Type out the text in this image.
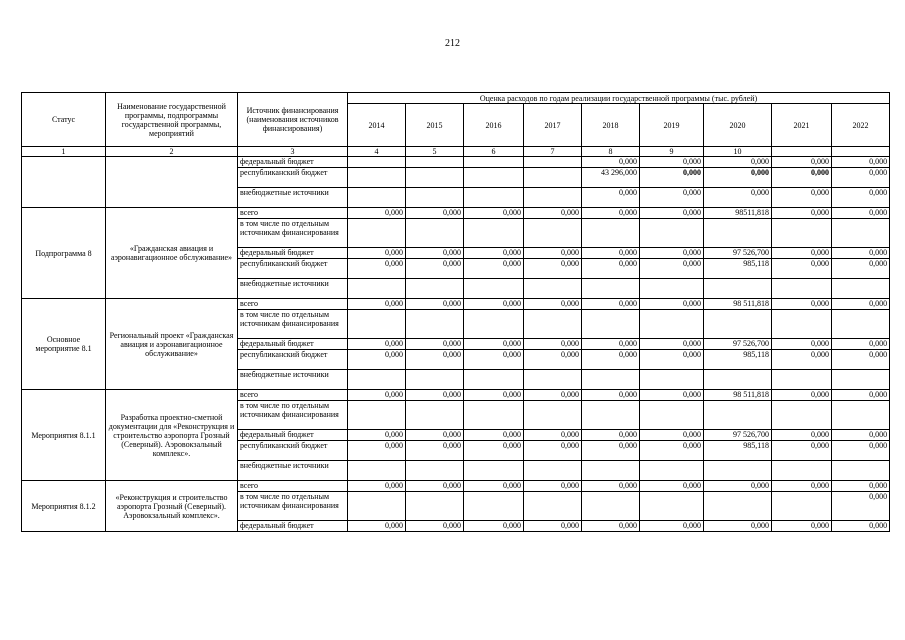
212
Статус	Наименование государственной программы, подпрограммы государственной программы, мероприятий	Источник финансирования (наименования источников финансирования)	Оценка расходов по годам реализации государственной программы (тыс. рублей)								
			2014	2015	2016	2017	2018	2019	2020	2021	2022
1	2	3	4	5	6	7	8	9	10		
		федеральный бюджет					0,000	0,000	0,000	0,000	0,000
		республиканский бюджет					43 296,000	0,000	0,000	0,000	0,000
		внебюджетные источники					0,000	0,000	0,000	0,000	0,000
Подпрограмма 8	«Гражданская авиация и аэронавигационное обслуживание»	всего	0,000	0,000	0,000	0,000	0,000	0,000	98511,818	0,000	0,000
		в том числе по отдельным источникам финансирования									
		федеральный бюджет	0,000	0,000	0,000	0,000	0,000	0,000	97 526,700	0,000	0,000
		республиканский бюджет	0,000	0,000	0,000	0,000	0,000	0,000	985,118	0,000	0,000
		внебюджетные источники									
Основное мероприятие 8.1	Региональный проект «Гражданская авиация и аэронавигационное обслуживание»	всего	0,000	0,000	0,000	0,000	0,000	0,000	98 511,818	0,000	0,000
		в том числе по отдельным источникам финансирования									
		федеральный бюджет	0,000	0,000	0,000	0,000	0,000	0,000	97 526,700	0,000	0,000
		республиканский бюджет	0,000	0,000	0,000	0,000	0,000	0,000	985,118	0,000	0,000
		внебюджетные источники									
Мероприятия 8.1.1	Разработка проектно-сметной документации для «Реконструкция и строительство аэропорта Грозный (Северный). Аэровокзальный комплекс».	всего	0,000	0,000	0,000	0,000	0,000	0,000	98 511,818	0,000	0,000
		в том числе по отдельным источникам финансирования									
		федеральный бюджет	0,000	0,000	0,000	0,000	0,000	0,000	97 526,700	0,000	0,000
		республиканский бюджет	0,000	0,000	0,000	0,000	0,000	0,000	985,118	0,000	0,000
		внебюджетные источники									
Мероприятия 8.1.2	«Реконструкция и строительство аэропорта Грозный (Северный). Аэровокзальный комплекс».	всего	0,000	0,000	0,000	0,000	0,000	0,000	0,000	0,000	0,000
		в том числе по отдельным источникам финансирования									0,000
		федеральный бюджет	0,000	0,000	0,000	0,000	0,000	0,000	0,000	0,000	0,000
